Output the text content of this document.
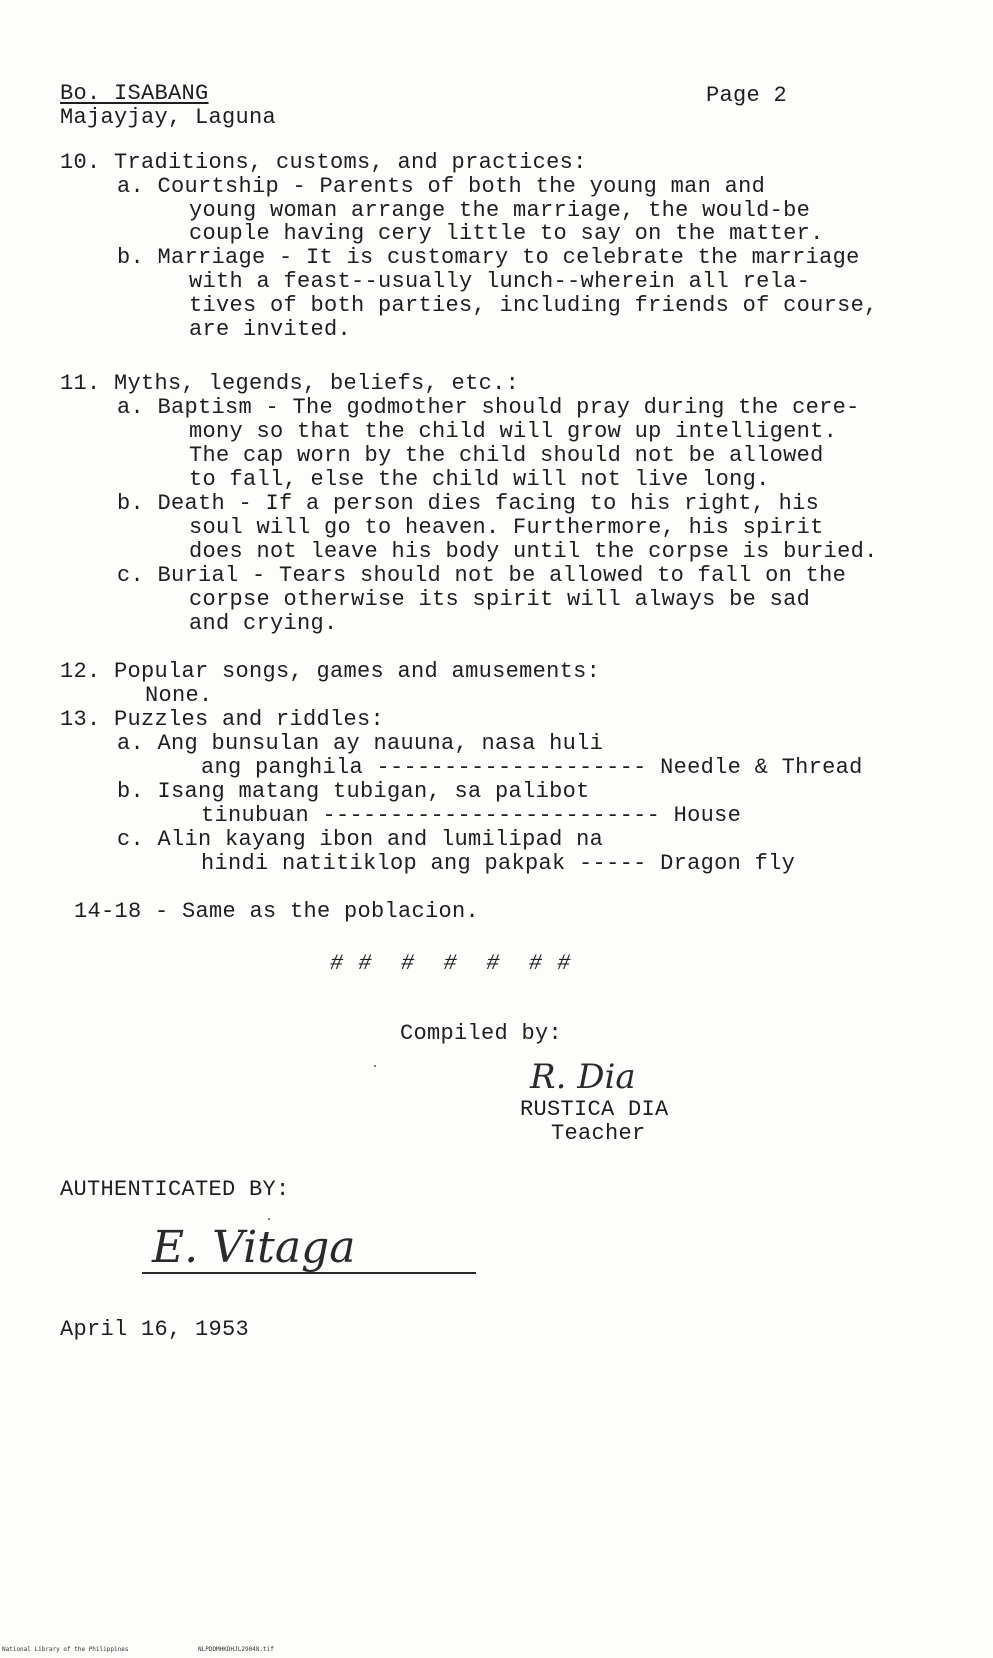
Bo. ISABANG
Majayjay, Laguna
Page 2
10. Traditions, customs, and practices:
a. Courtship - Parents of both the young man and
young woman arrange the marriage, the would-be
couple having cery little to say on the matter.
b. Marriage - It is customary to celebrate the marriage
with a feast--usually lunch--wherein all rela-
tives of both parties, including friends of course,
are invited.
11. Myths, legends, beliefs, etc.:
a. Baptism - The godmother should pray during the cere-
mony so that the child will grow up intelligent.
The cap worn by the child should not be allowed
to fall, else the child will not live long.
b. Death - If a person dies facing to his right, his
soul will go to heaven. Furthermore, his spirit
does not leave his body until the corpse is buried.
c. Burial - Tears should not be allowed to fall on the
corpse otherwise its spirit will always be sad
and crying.
12. Popular songs, games and amusements:
None.
13. Puzzles and riddles:
a. Ang bunsulan ay nauuna, nasa huli
ang panghila -------------------- Needle & Thread
b. Isang matang tubigan, sa palibot
tinubuan ------------------------- House
c. Alin kayang ibon and lumilipad na
hindi natitiklop ang pakpak ----- Dragon fly
14-18 - Same as the poblacion.
# #  #  #  #  # #
Compiled by:
R. Dia
RUSTICA DIA
Teacher
AUTHENTICATED BY:
E. Vitaga
April 16, 1953
National Library of the Philippines	NLPDDMHKDHJL29048.tif
